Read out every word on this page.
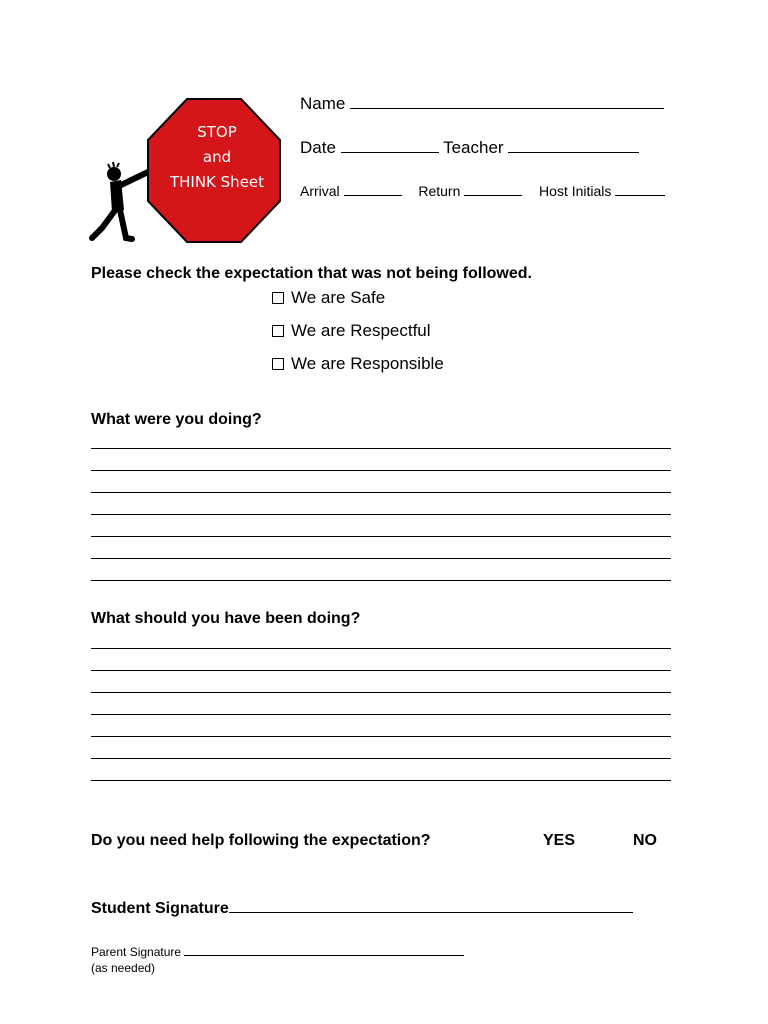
STOP
and
THINK Sheet
Name
Date	Teacher
Arrival	Return	Host Initials
Please check the expectation that was not being followed.
We are Safe
We are Respectful
We are Responsible
What were you doing?
What should you have been doing?
Do you need help following the expectation?	YES	NO
Student Signature
Parent Signature
(as needed)
